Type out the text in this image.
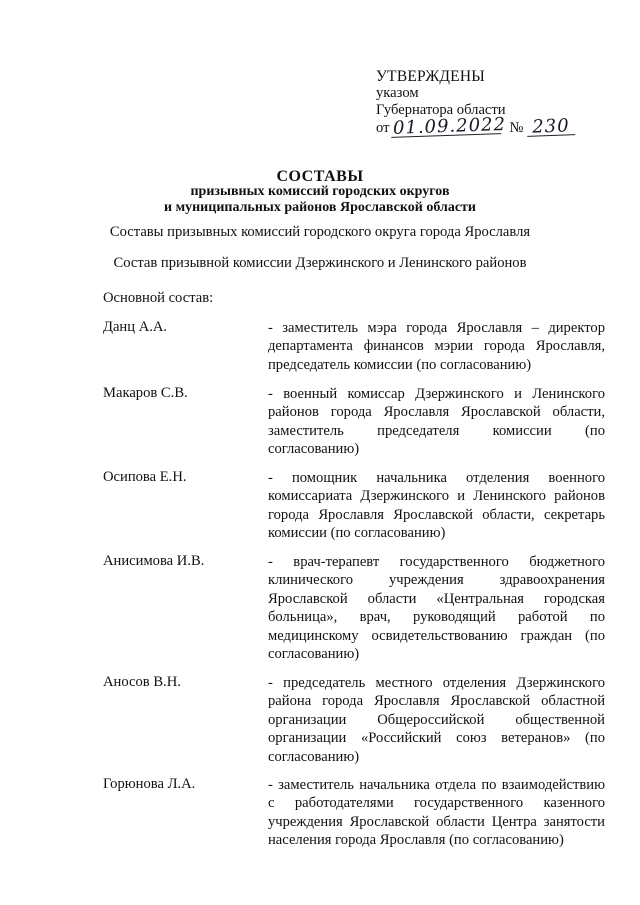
УТВЕРЖДЕНЫ
указом
Губернатора области
от 01.09.2022 № 230
СОСТАВЫ
призывных комиссий городских округов
и муниципальных районов Ярославской области
Составы призывных комиссий городского округа города Ярославля
Состав призывной комиссии Дзержинского и Ленинского районов
Основной состав:
Данц А.А.	- заместитель мэра города Ярославля – директор департамента финансов мэрии города Ярославля, председатель комиссии (по согласованию)
Макаров С.В.	- военный комиссар Дзержинского и Ленинского районов города Ярославля Ярославской области, заместитель председателя комиссии (по согласованию)
Осипова Е.Н.	- помощник начальника отделения военного комиссариата Дзержинского и Ленинского районов города Ярославля Ярославской области, секретарь комиссии (по согласованию)
Анисимова И.В.	- врач-терапевт государственного бюджетного клинического учреждения здравоохранения Ярославской области «Центральная городская больница», врач, руководящий работой по медицинскому освидетельствованию граждан (по согласованию)
Аносов В.Н.	- председатель местного отделения Дзержинского района города Ярославля Ярославской областной организации Общероссийской общественной организации «Российский союз ветеранов» (по согласованию)
Горюнова Л.А.	- заместитель начальника отдела по взаимодействию с работодателями государственного казенного учреждения Ярославской области Центра занятости населения города Ярославля (по согласованию)
